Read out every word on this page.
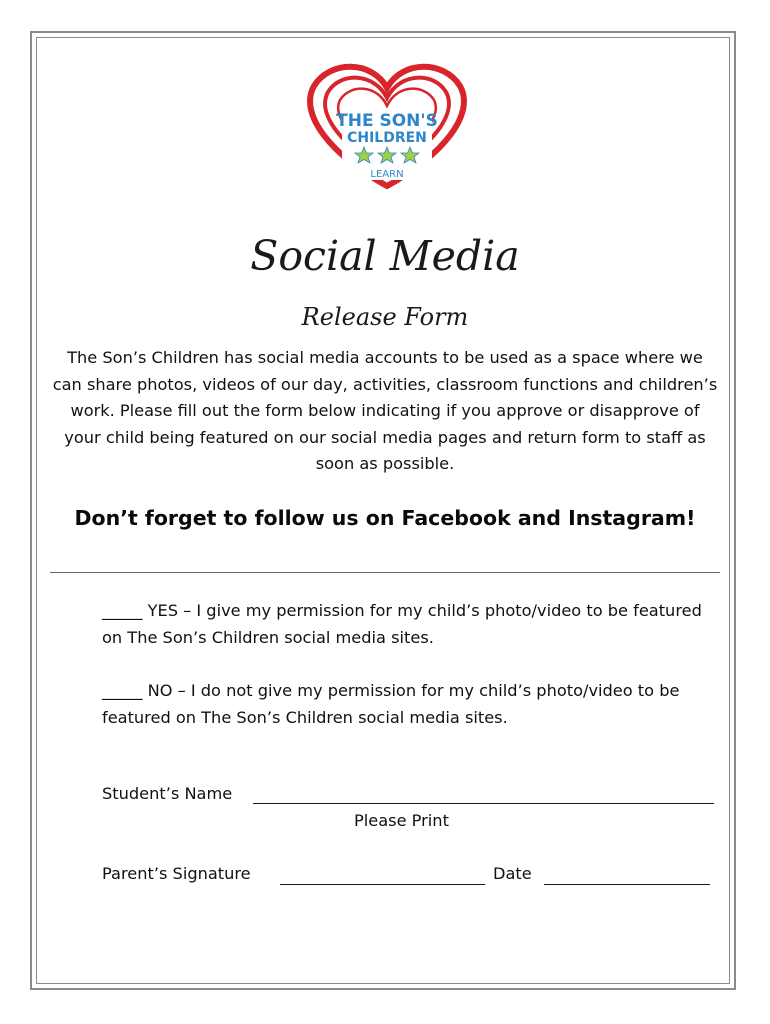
THE SON'S
CHILDREN
LEARN
Social Media
Release Form

The Son’s Children has social media accounts to be used as a space where we can share photos, videos of our day, activities, classroom functions and children’s work. Please fill out the form below indicating if you approve or disapprove of your child being featured on our social media pages and return form to staff as soon as possible.

Don’t forget to follow us on Facebook and Instagram!

_____ YES – I give my permission for my child’s photo/video to be featured on The Son’s Children social media sites.

_____ NO – I do not give my permission for my child’s photo/video to be featured on The Son’s Children social media sites.

Student’s Name
Please Print
Parent’s Signature	Date
